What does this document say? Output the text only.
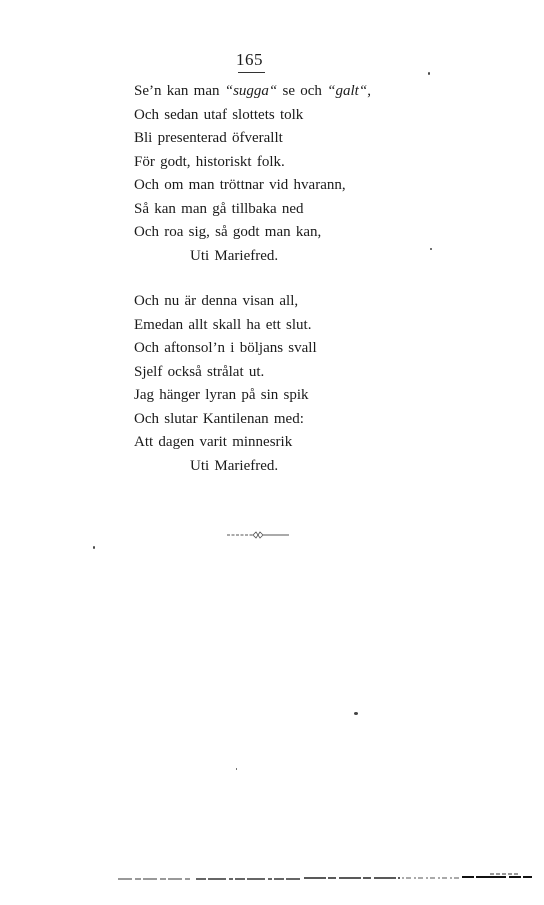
165
Se’n kan man “sugga“ se och “galt“,
Och sedan utaf slottets tolk
Bli presenterad öfverallt
För godt, historiskt folk.
Och om man tröttnar vid hvarann,
Så kan man gå tillbaka ned
Och roa sig, så godt man kan,
Uti Mariefred.
Och nu är denna visan all,
Emedan allt skall ha ett slut.
Och aftonsol’n i böljans svall
Sjelf också strålat ut.
Jag hänger lyran på sin spik
Och slutar Kantilenan med:
Att dagen varit minnesrik
Uti Mariefred.
